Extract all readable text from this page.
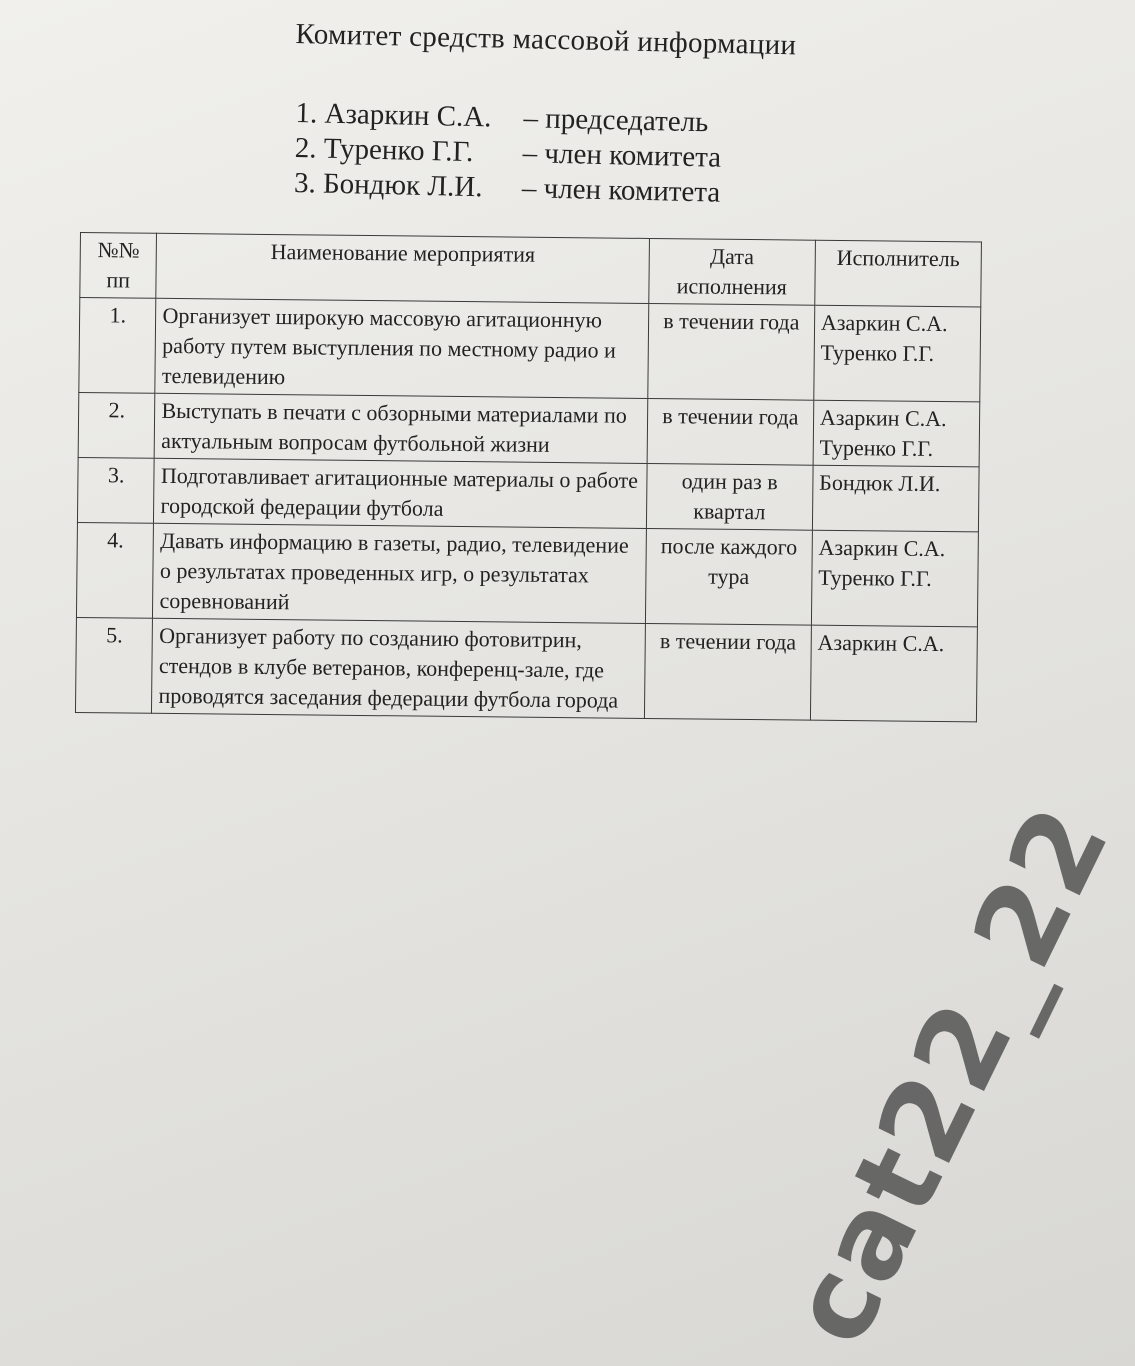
Комитет средств массовой информации
1. Азаркин С.А.	– председатель
2. Туренко Г.Г.	– член комитета
3. Бондюк Л.И.	– член комитета
№№ пп	Наименование мероприятия	Дата исполнения	Исполнитель
1.	Организует широкую массовую агитационную работу путем выступления по местному радио и телевидению	в течении года	Азаркин С.А.
Туренко Г.Г.
2.	Выступать в печати с обзорными материалами по актуальным вопросам футбольной жизни	в течении года	Азаркин С.А.
Туренко Г.Г.
3.	Подготавливает агитационные материалы о работе городской федерации футбола	один раз в квартал	Бондюк Л.И.
4.	Давать информацию в газеты, радио, телевидение о результатах проведенных игр, о результатах соревнований	после каждого тура	Азаркин С.А.
Туренко Г.Г.
5.	Организует работу по созданию фотовитрин, стендов в клубе ветеранов, конференц-зале, где проводятся заседания федерации футбола города	в течении года	Азаркин С.А.
cat22_22
